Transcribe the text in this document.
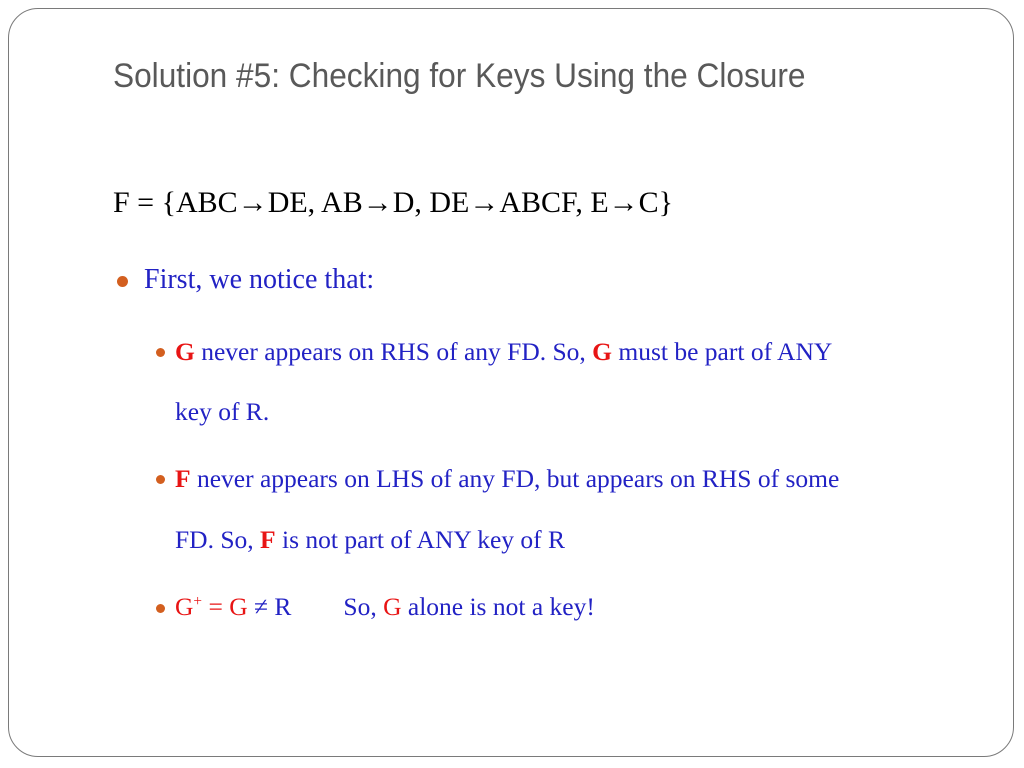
Solution #5: Checking for Keys Using the Closure
F = {ABC→DE, AB→D, DE→ABCF, E→C}
First, we notice that:
G never appears on RHS of any FD. So, G must be part of ANY
key of R.
F never appears on LHS of any FD, but appears on RHS of some
FD. So, F is not part of ANY key of R
G+ = G ≠ R So, G alone is not a key!
